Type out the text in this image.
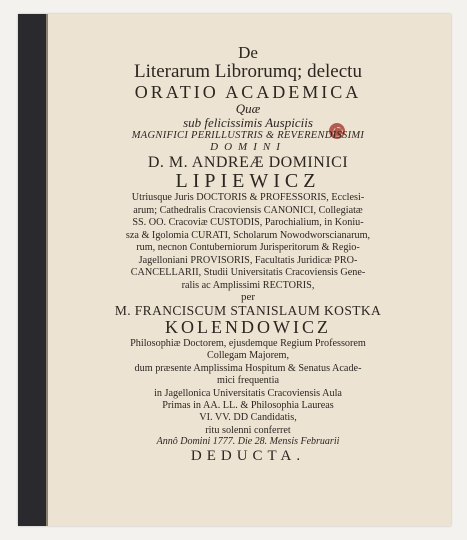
De
Literarum Librorumq; delectu
ORATIO ACADEMICA
Quæ
sub felicissimis Auspiciis
MAGNIFICI PERILLUSTRIS & REVERENDISSIMI
DOMINI
D. M. ANDREÆ DOMINICI
LIPIEWICZ
Utriusque Juris DOCTORIS & PROFESSORIS, Ecclesi-
arum; Cathedralis Cracoviensis CANONICI, Collegiatæ
SS. OO. Cracoviæ CUSTODIS, Parochialium, in Koniu-
sza & Igolomia CURATI, Scholarum Nowodworscianarum,
rum, necnon Contuberniorum Jurisperitorum & Regio-
Jagelloniani PROVISORIS, Facultatis Juridicæ PRO-
CANCELLARII, Studii Universitatis Cracoviensis Gene-
ralis ac Amplissimi RECTORIS,
per
M. FRANCISCUM STANISLAUM KOSTKA
KOLENDOWICZ
Philosophiæ Doctorem, ejusdemque Regium Professorem
Collegam Majorem,
dum præsente Amplissima Hospitum & Senatus Acade-
mici frequentia
in Jagellonica Universitatis Cracoviensis Aula
Primas in AA. LL. & Philosophia Laureas
VI. VV. DD Candidatis,
ritu solenni conferret
Annô Domini 1777. Die 28. Mensis Februarii
DEDUCTA.
